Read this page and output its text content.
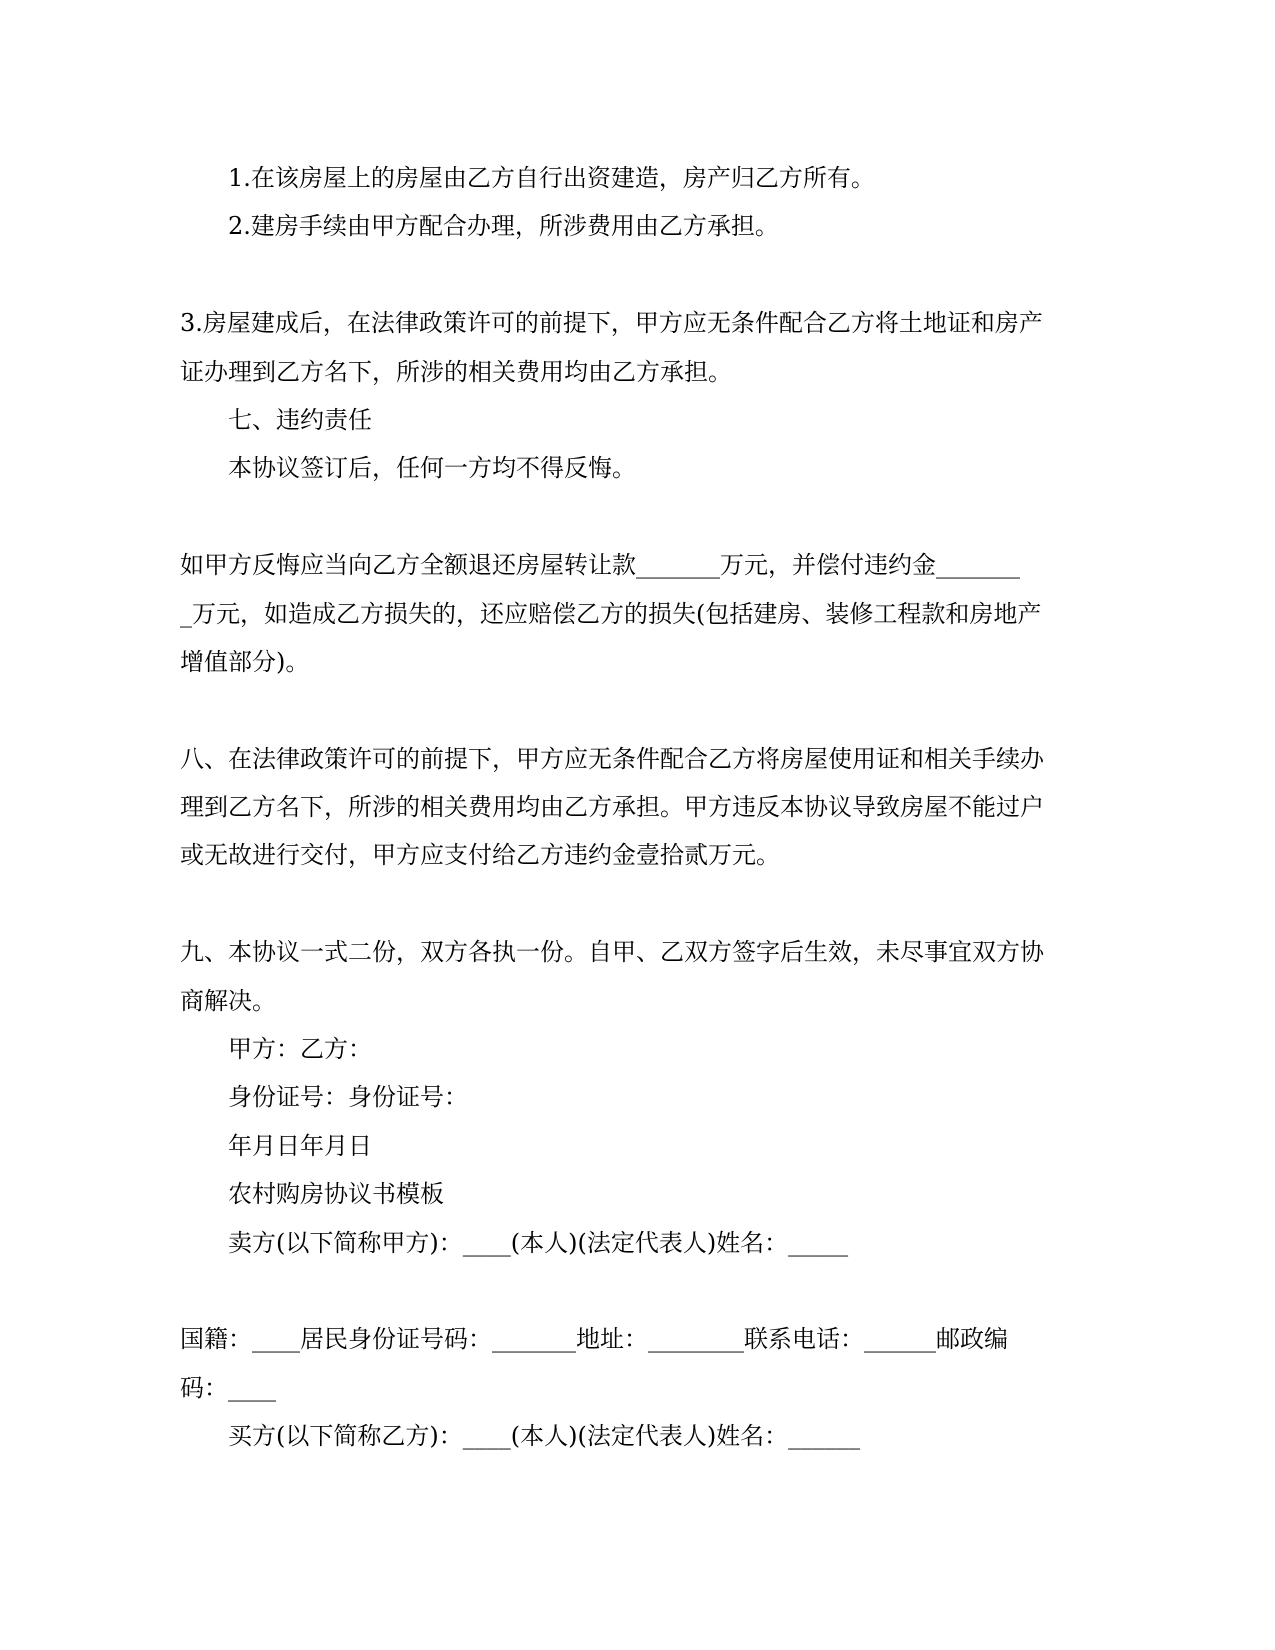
1.在该房屋上的房屋由乙方自行出资建造，房产归乙方所有。
2.建房手续由甲方配合办理，所涉费用由乙方承担。
3.房屋建成后，在法律政策许可的前提下，甲方应无条件配合乙方将土地证和房产
证办理到乙方名下，所涉的相关费用均由乙方承担。
七、违约责任
本协议签订后，任何一方均不得反悔。
如甲方反悔应当向乙方全额退还房屋转让款_______万元，并偿付违约金_______
_万元，如造成乙方损失的，还应赔偿乙方的损失(包括建房、装修工程款和房地产
增值部分)。
八、在法律政策许可的前提下，甲方应无条件配合乙方将房屋使用证和相关手续办
理到乙方名下，所涉的相关费用均由乙方承担。甲方违反本协议导致房屋不能过户
或无故进行交付，甲方应支付给乙方违约金壹拾贰万元。
九、本协议一式二份，双方各执一份。自甲、乙双方签字后生效，未尽事宜双方协
商解决。
甲方：乙方：
身份证号：身份证号：
年月日年月日
农村购房协议书模板
卖方(以下简称甲方)：____(本人)(法定代表人)姓名：_____
国籍：____居民身份证号码：_______地址：________联系电话：______邮政编
码：____
买方(以下简称乙方)：____(本人)(法定代表人)姓名：______
